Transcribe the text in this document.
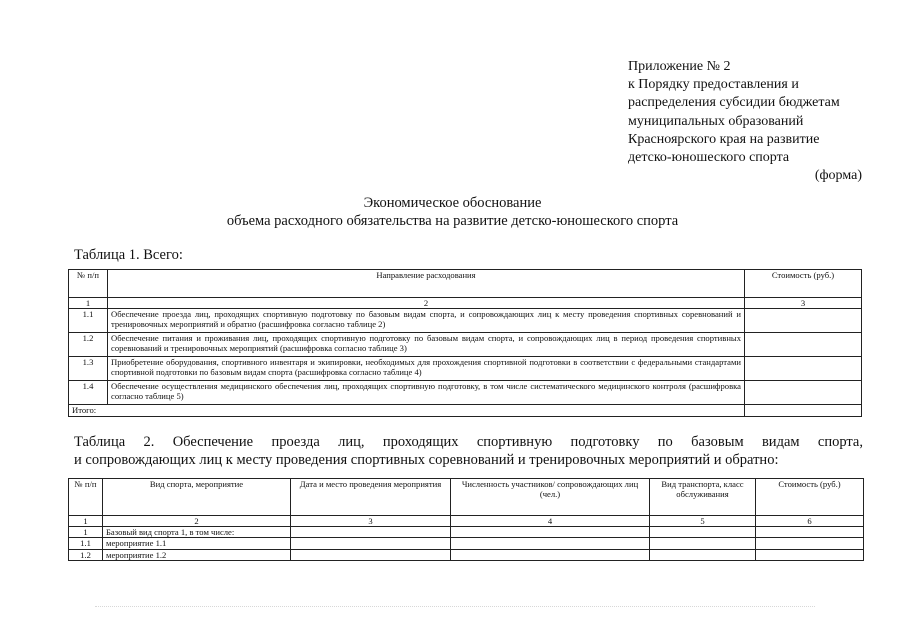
Приложение № 2
к Порядку предоставления и
распределения субсидии бюджетам
муниципальных образований
Красноярского края на развитие
детско-юношеского спорта
(форма)
Экономическое обоснование
объема расходного обязательства на развитие детско-юношеского спорта
Таблица 1. Всего:
№ п/п	Направление расходования	Стоимость (руб.)
1	2	3
1.1	Обеспечение проезда лиц, проходящих спортивную подготовку по базовым видам спорта, и сопровождающих лиц к месту проведения спортивных соревнований и тренировочных мероприятий и обратно (расшифровка согласно таблице 2)	
1.2	Обеспечение питания и проживания лиц, проходящих спортивную подготовку по базовым видам спорта, и сопровождающих лиц в период проведения спортивных соревнований и тренировочных мероприятий (расшифровка согласно таблице 3)	
1.3	Приобретение оборудования, спортивного инвентаря и экипировки, необходимых для прохождения спортивной подготовки в соответствии с федеральными стандартами спортивной подготовки по базовым видам спорта (расшифровка согласно таблице 4)	
1.4	Обеспечение осуществления медицинского обеспечения лиц, проходящих спортивную подготовку, в том числе систематического медицинского контроля (расшифровка согласно таблице 5)	
Итого:		
Таблица 2. Обеспечение проезда лиц, проходящих спортивную подготовку по базовым видам спорта,
и сопровождающих лиц к месту проведения спортивных соревнований и тренировочных мероприятий и обратно:
№ п/п	Вид спорта, мероприятие	Дата и место проведения мероприятия	Численность участников/ сопровождающих лиц (чел.)	Вид транспорта, класс обслуживания	Стоимость (руб.)
1	2	3	4	5	6
1	Базовый вид спорта 1, в том числе:				
1.1	мероприятие 1.1				
1.2	мероприятие 1.2				
